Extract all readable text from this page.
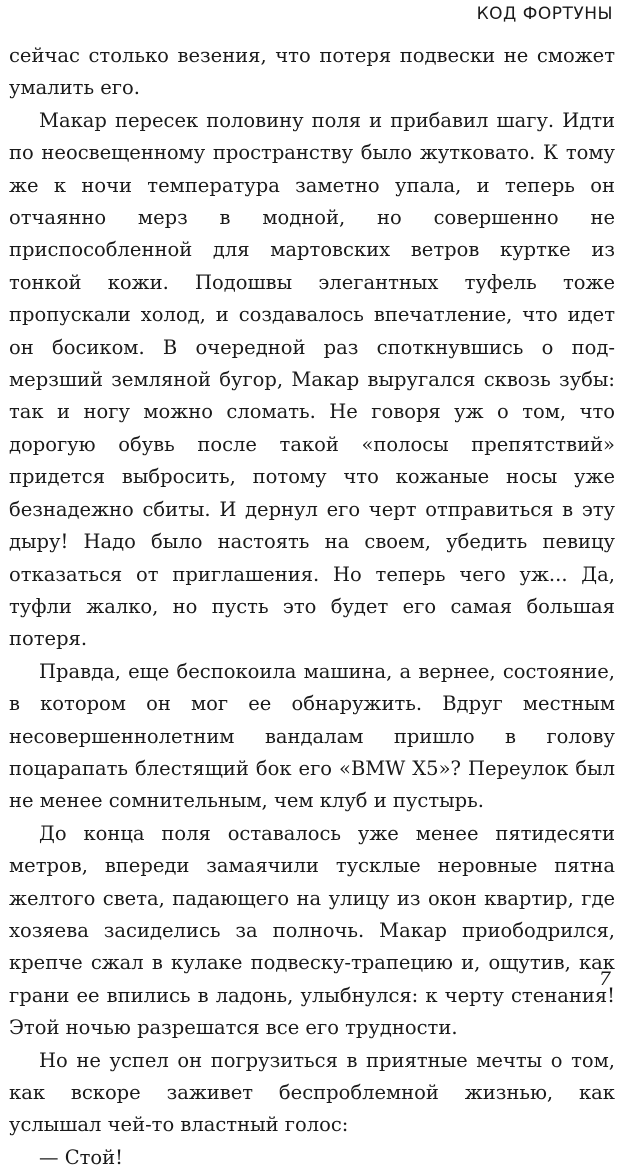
КОД ФОРТУНЫ

сейчас столько везения, что потеря подвески не сможет умалить его.

Макар пересек половину поля и прибавил шагу. Идти по неосвещенному пространству было жутковато. К тому же к ночи температура заметно упала, и теперь он отчаянно мерз в модной, но совершенно не приспособленной для мартовских ветров куртке из тонкой кожи. Подошвы элегантных туфель тоже пропускали холод, и создавалось впечатление, что идет он босиком. В очередной раз споткнувшись о подмерзший земляной бугор, Макар выругался сквозь зубы: так и ногу можно сломать. Не говоря уж о том, что дорогую обувь после такой «полосы препятствий» придется выбросить, потому что кожаные носы уже безнадежно сбиты. И дернул его черт отправиться в эту дыру! Надо было настоять на своем, убедить певицу отказаться от приглашения. Но теперь чего уж... Да, туфли жалко, но пусть это будет его самая большая потеря.

Правда, еще беспокоила машина, а вернее, состояние, в котором он мог ее обнаружить. Вдруг местным несовершеннолетним вандалам пришло в голову поцарапать блестящий бок его «BMW X5»? Переулок был не менее сомнительным, чем клуб и пустырь.

До конца поля оставалось уже менее пятидесяти метров, впереди замаячили тусклые неровные пятна желтого света, падающего на улицу из окон квартир, где хозяева засиделись за полночь. Макар приободрился, крепче сжал в кулаке подвеску-трапецию и, ощутив, как грани ее впились в ладонь, улыбнулся: к черту стенания! Этой ночью разрешатся все его трудности.

Но не успел он погрузиться в приятные мечты о том, как вскоре заживет беспроблемной жизнью, как услышал чей-то властный голос:

— Стой!

7
